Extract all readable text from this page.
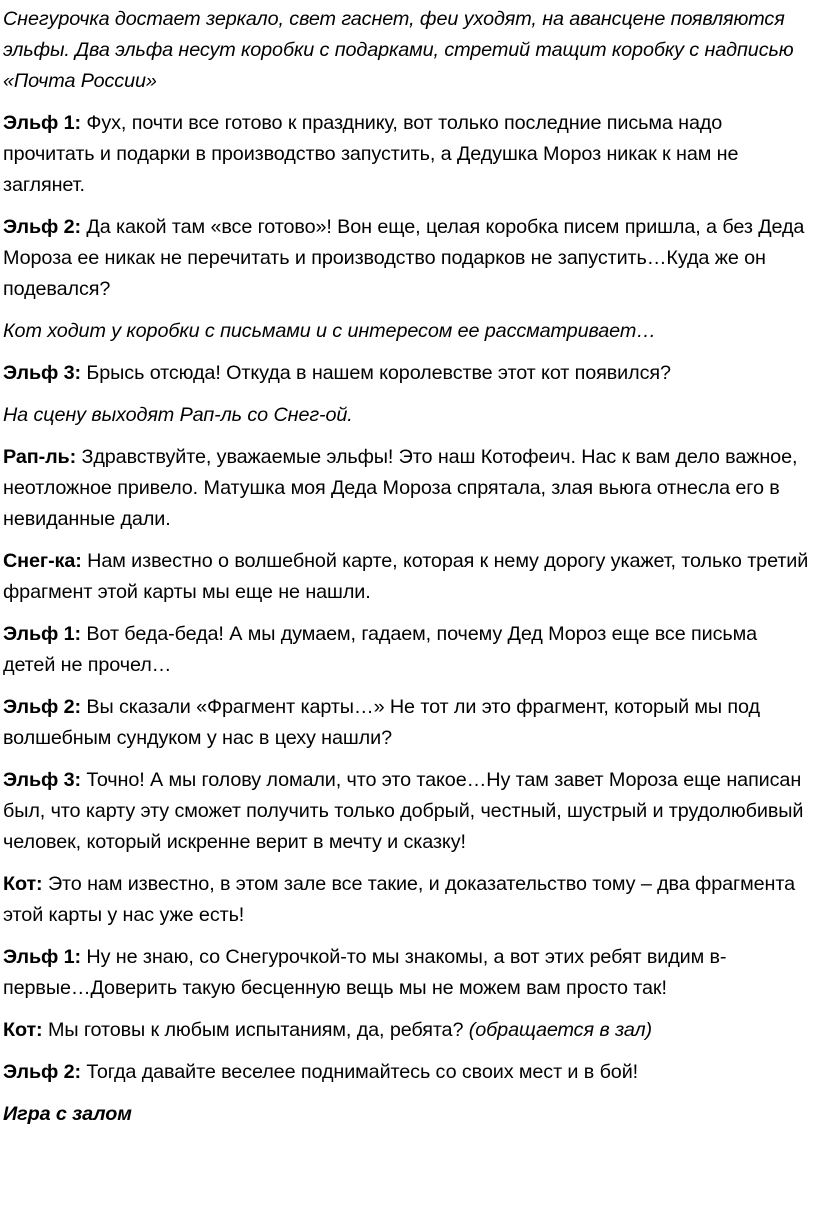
Снегурочка достает зеркало, свет гаснет, феи уходят, на авансцене появляются эльфы. Два эльфа несут коробки с подарками, стретий тащит коробку с надписью «Почта России»

Эльф 1: Фух, почти все готово к празднику, вот только последние письма надо прочитать и подарки в производство запустить, а Дедушка Мороз никак к нам не заглянет.

Эльф 2: Да какой там «все готово»! Вон еще, целая коробка писем пришла, а без Деда Мороза ее никак не перечитать и производство подарков не запустить…Куда же он подевался?

Кот ходит у коробки с письмами и с интересом ее рассматривает…

Эльф 3: Брысь отсюда! Откуда в нашем королевстве этот кот появился?

На сцену выходят Рап-ль со Снег-ой.

Рап-ль: Здравствуйте, уважаемые эльфы! Это наш Котофеич. Нас к вам дело важное, неотложное привело. Матушка моя Деда Мороза спрятала, злая вьюга отнесла его в невиданные дали.

Снег-ка: Нам известно о волшебной карте, которая к нему дорогу укажет, только третий фрагмент этой карты мы еще не нашли.

Эльф 1: Вот беда-беда! А мы думаем, гадаем, почему Дед Мороз еще все письма детей не прочел…

Эльф 2: Вы сказали «Фрагмент карты…» Не тот ли это фрагмент, который мы под волшебным сундуком у нас в цеху нашли?

Эльф 3: Точно! А мы голову ломали, что это такое…Ну там завет Мороза еще написан был, что карту эту сможет получить только добрый, честный, шустрый и трудолюбивый человек, который искренне верит в мечту и сказку!

Кот: Это нам известно, в этом зале все такие, и доказательство тому – два фрагмента этой карты у нас уже есть!

Эльф 1: Ну не знаю, со Снегурочкой-то мы знакомы, а вот этих ребят видим в-первые…Доверить такую бесценную вещь мы не можем вам просто так!

Кот: Мы готовы к любым испытаниям, да, ребята? (обращается в зал)

Эльф 2: Тогда давайте веселее поднимайтесь со своих мест и в бой!

Игра с залом
